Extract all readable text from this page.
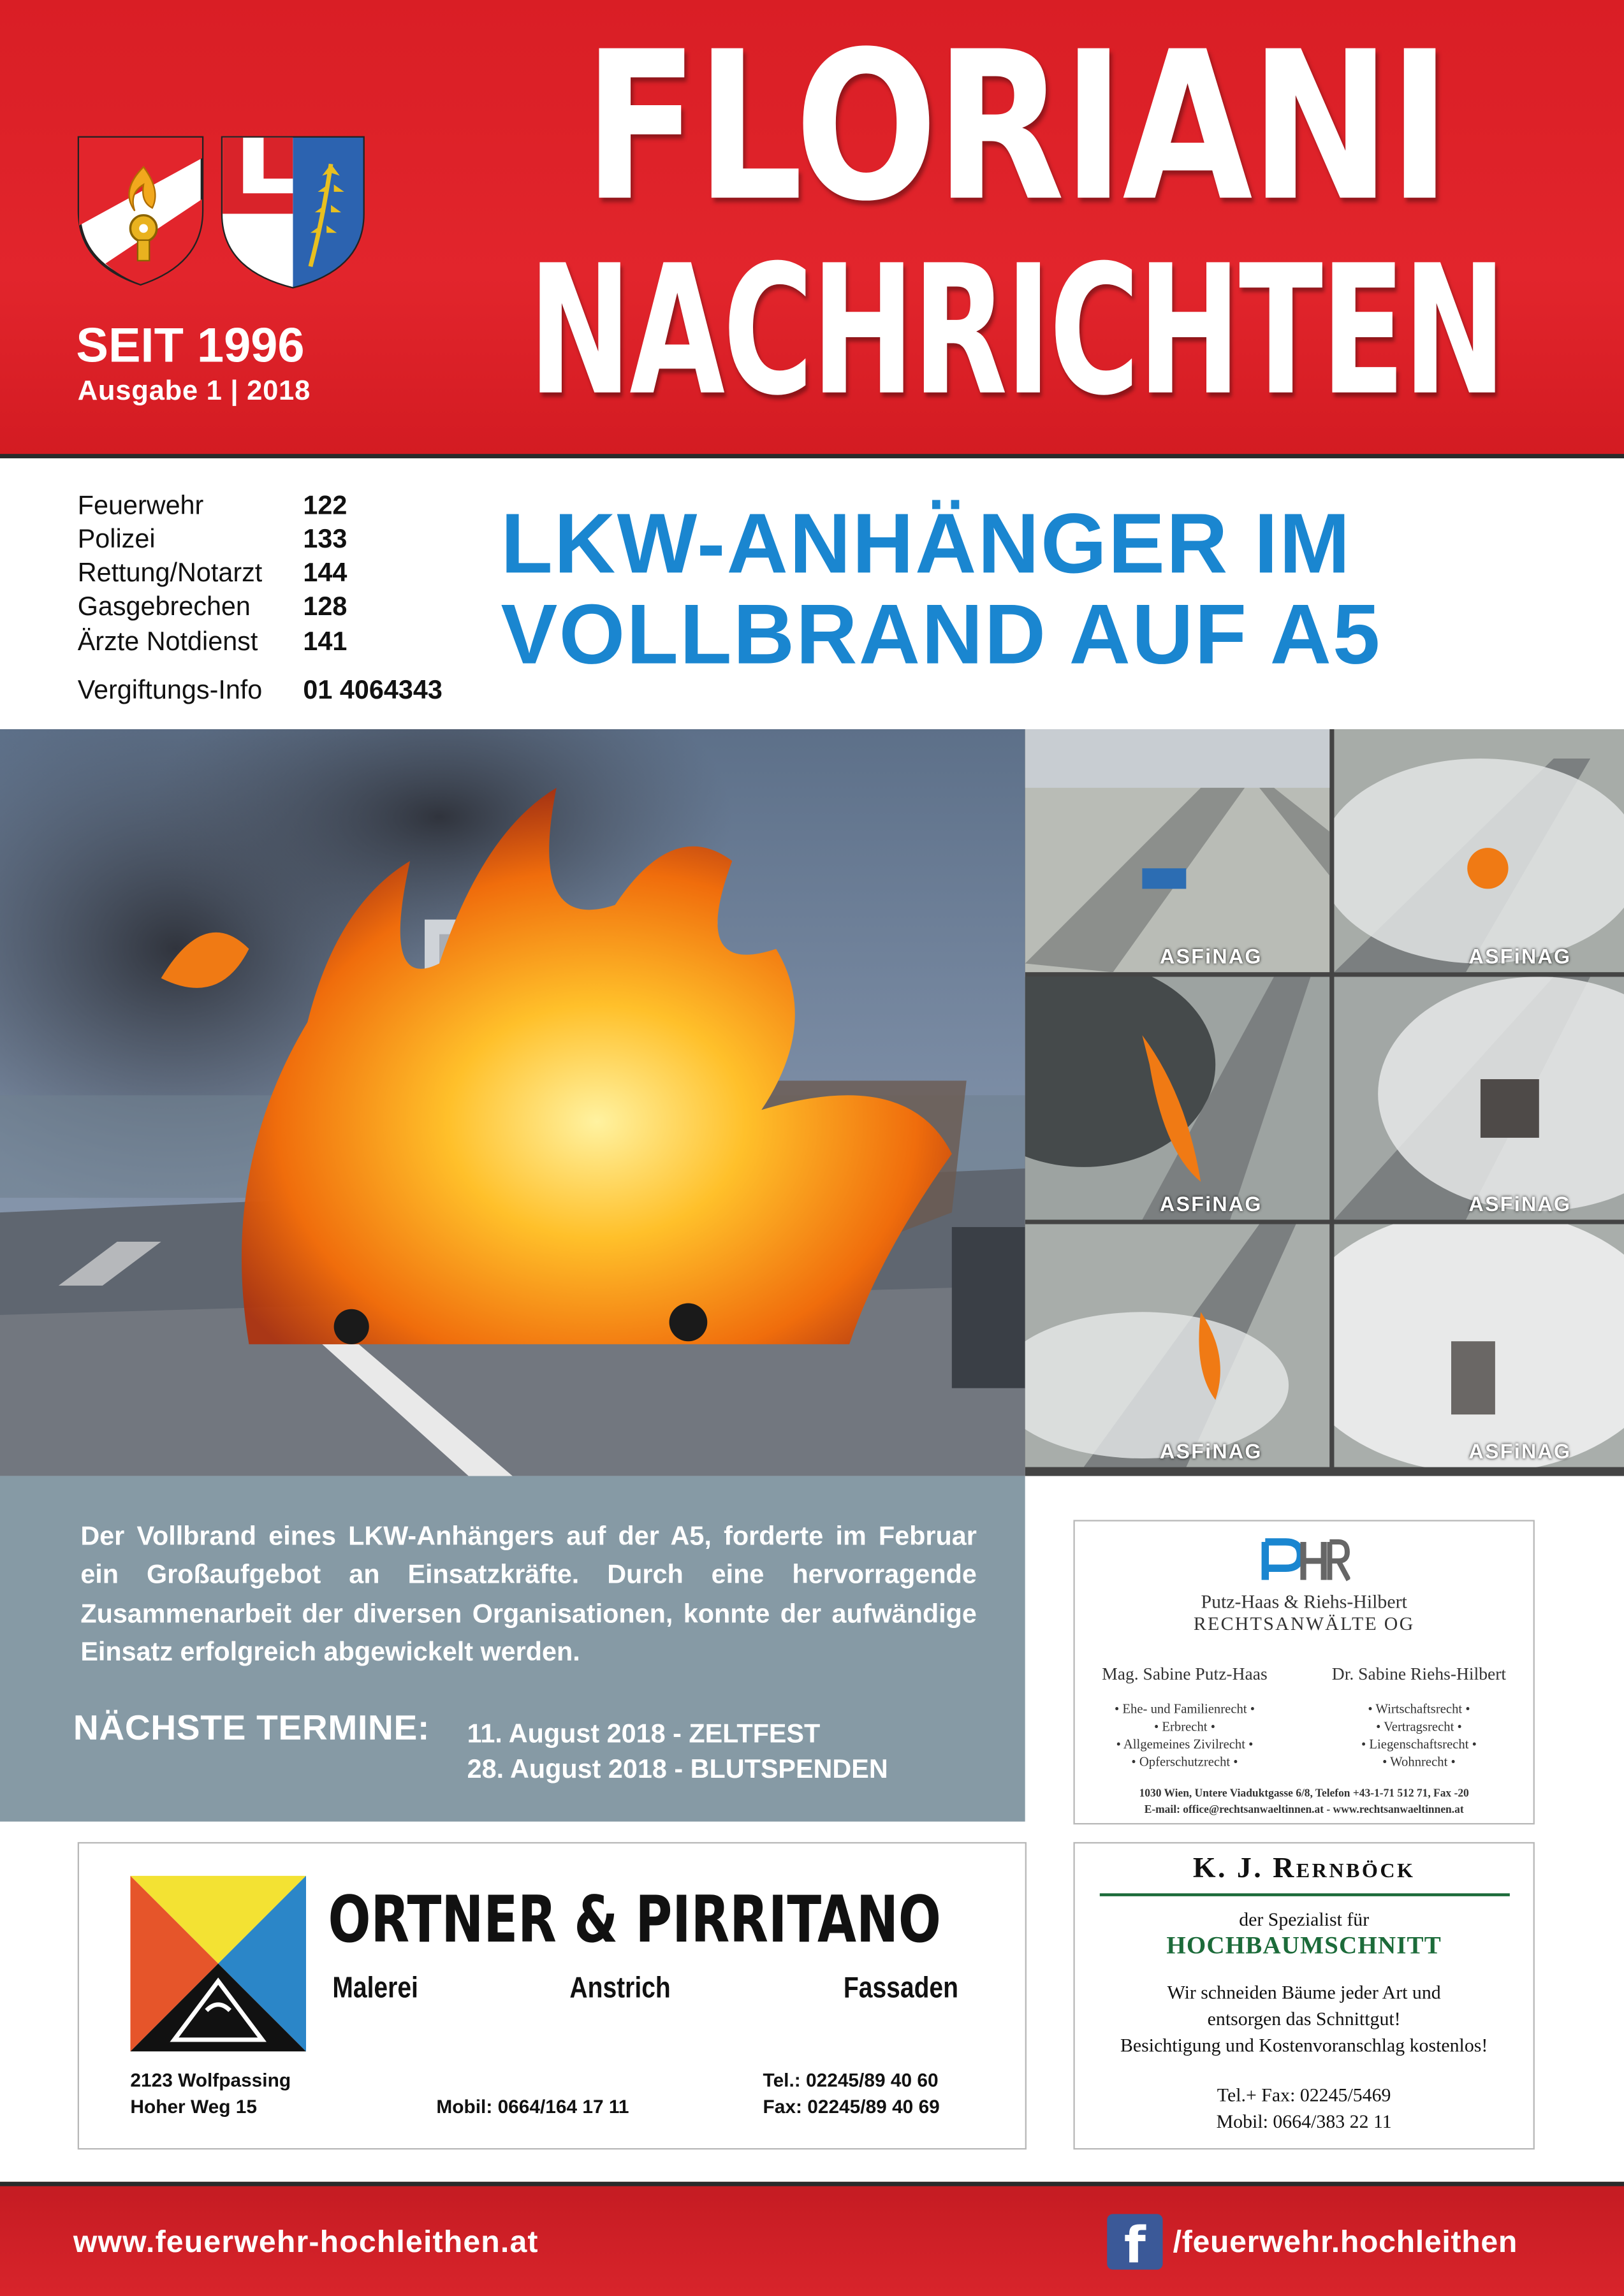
SEIT 1996
Ausgabe 1 | 2018
FLORIANI
NACHRICHTEN
Feuerwehr	122
Polizei	133
Rettung/Notarzt	144
Gasgebrechen	128
Ärzte Notdienst	141
Vergiftungs-Info	01 4064343
LKW-ANHÄNGER IM
VOLLBRAND AUF A5
ASFiNAG	ASFiNAG
ASFiNAG	ASFiNAG
ASFiNAG	ASFiNAG
Der Vollbrand eines LKW-Anhängers auf der A5, forderte im Februar ein Großaufgebot an Einsatzkräfte. Durch eine hervorragende Zusammenarbeit der diversen Organisationen, konnte der aufwändige Einsatz erfolgreich abgewickelt werden.
NÄCHSTE TERMINE:	11. August 2018 - ZELTFEST
28. August 2018 - BLUTSPENDEN
Putz-Haas & Riehs-Hilbert
RECHTSANWÄLTE OG
Mag. Sabine Putz-Haas	Dr. Sabine Riehs-Hilbert
• Ehe- und Familienrecht •
• Erbrecht •
• Allgemeines Zivilrecht •
• Opferschutzrecht •
• Wirtschaftsrecht •
• Vertragsrecht •
• Liegenschaftsrecht •
• Wohnrecht •
1030 Wien, Untere Viaduktgasse 6/8, Telefon +43-1-71 512 71, Fax -20
E-mail: office@rechtsanwaeltinnen.at - www.rechtsanwaeltinnen.at
ORTNER & PIRRITANO
Malerei	Anstrich	Fassaden
2123 Wolfpassing
Hoher Weg 15	Mobil: 0664/164 17 11
Tel.: 02245/89 40 60
Fax: 02245/89 40 69
K. J. Rernböck
der Spezialist für
HOCHBAUMSCHNITT
Wir schneiden Bäume jeder Art und
entsorgen das Schnittgut!
Besichtigung und Kostenvoranschlag kostenlos!
Tel.+ Fax: 02245/5469
Mobil: 0664/383 22 11
www.feuerwehr-hochleithen.at	f	/feuerwehr.hochleithen
